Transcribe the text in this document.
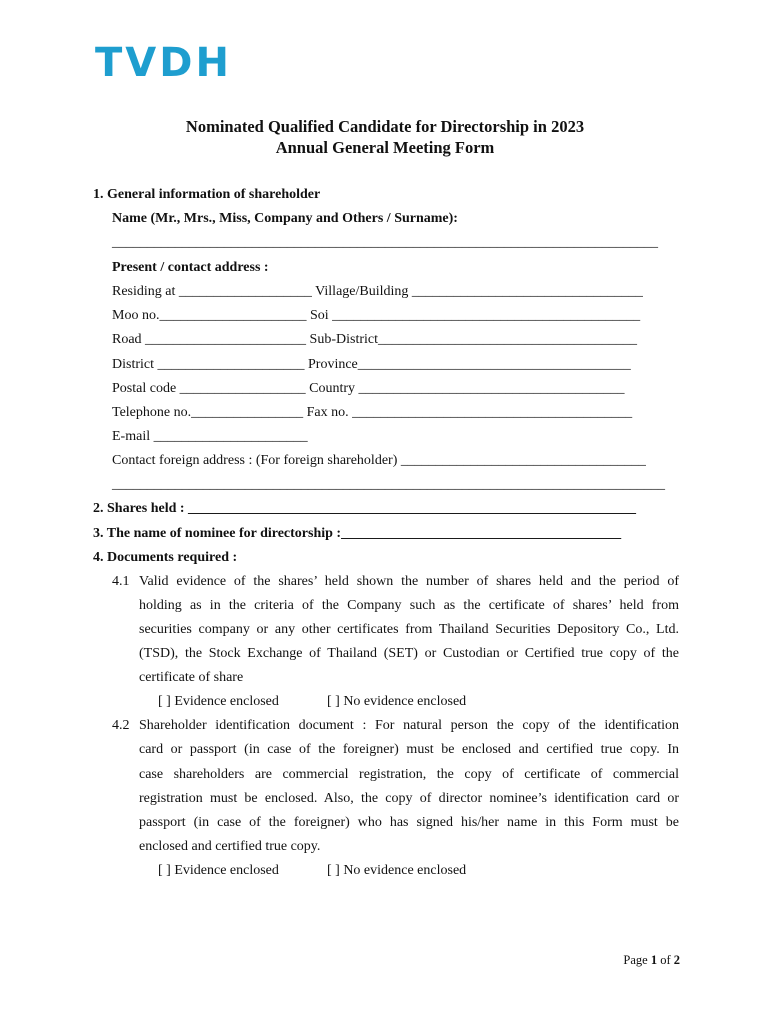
TVDH
Nominated Qualified Candidate for Directorship in 2023
Annual General Meeting Form
1. General information of shareholder
Name (Mr., Mrs., Miss, Company and Others / Surname):
______________________________________________________________________________
Present / contact address :
Residing at ___________________ Village/Building _________________________________
Moo no._____________________ Soi ____________________________________________
Road _______________________ Sub-District_____________________________________
District _____________________ Province_______________________________________
Postal code __________________ Country ______________________________________
Telephone no.________________ Fax no. ________________________________________
E-mail ______________________
Contact foreign address : (For foreign shareholder) ___________________________________
_______________________________________________________________________________
2. Shares held : ________________________________________________________________
3. The name of nominee for directorship :________________________________________
4. Documents required :
4.1 Valid evidence of the shares’ held shown the number of shares held and the period of
holding as in the criteria of the Company such as the certificate of shares’ held from
securities company or any other certificates from Thailand Securities Depository Co., Ltd.
(TSD), the Stock Exchange of Thailand (SET) or Custodian or Certified true copy of the
certificate of share
[ ] Evidence enclosed	[ ] No evidence enclosed
4.2 Shareholder identification document : For natural person the copy of the identification
card or passport (in case of the foreigner) must be enclosed and certified true copy. In
case shareholders are commercial registration, the copy of certificate of commercial
registration must be enclosed. Also, the copy of director nominee’s identification card or
passport (in case of the foreigner) who has signed his/her name in this Form must be
enclosed and certified true copy.
[ ] Evidence enclosed	[ ] No evidence enclosed
Page 1 of 2
